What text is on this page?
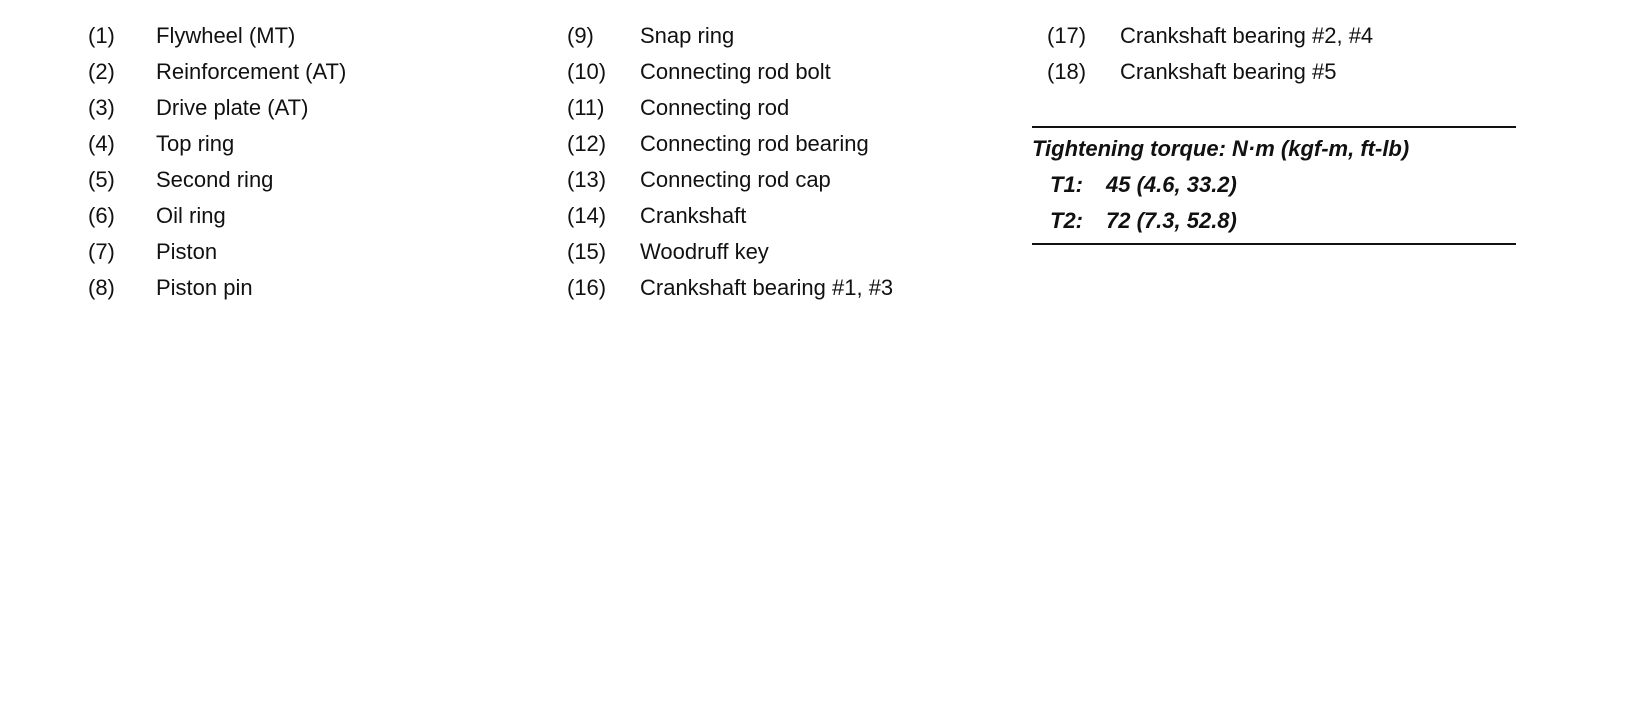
(1)	Flywheel (MT)
(2)	Reinforcement (AT)
(3)	Drive plate (AT)
(4)	Top ring
(5)	Second ring
(6)	Oil ring
(7)	Piston
(8)	Piston pin
(9)	Snap ring
(10)	Connecting rod bolt
(11)	Connecting rod
(12)	Connecting rod bearing
(13)	Connecting rod cap
(14)	Crankshaft
(15)	Woodruff key
(16)	Crankshaft bearing #1, #3
(17)	Crankshaft bearing #2, #4
(18)	Crankshaft bearing #5
Tightening torque: N·m (kgf-m, ft-lb)
T1:	45 (4.6, 33.2)
T2:	72 (7.3, 52.8)
